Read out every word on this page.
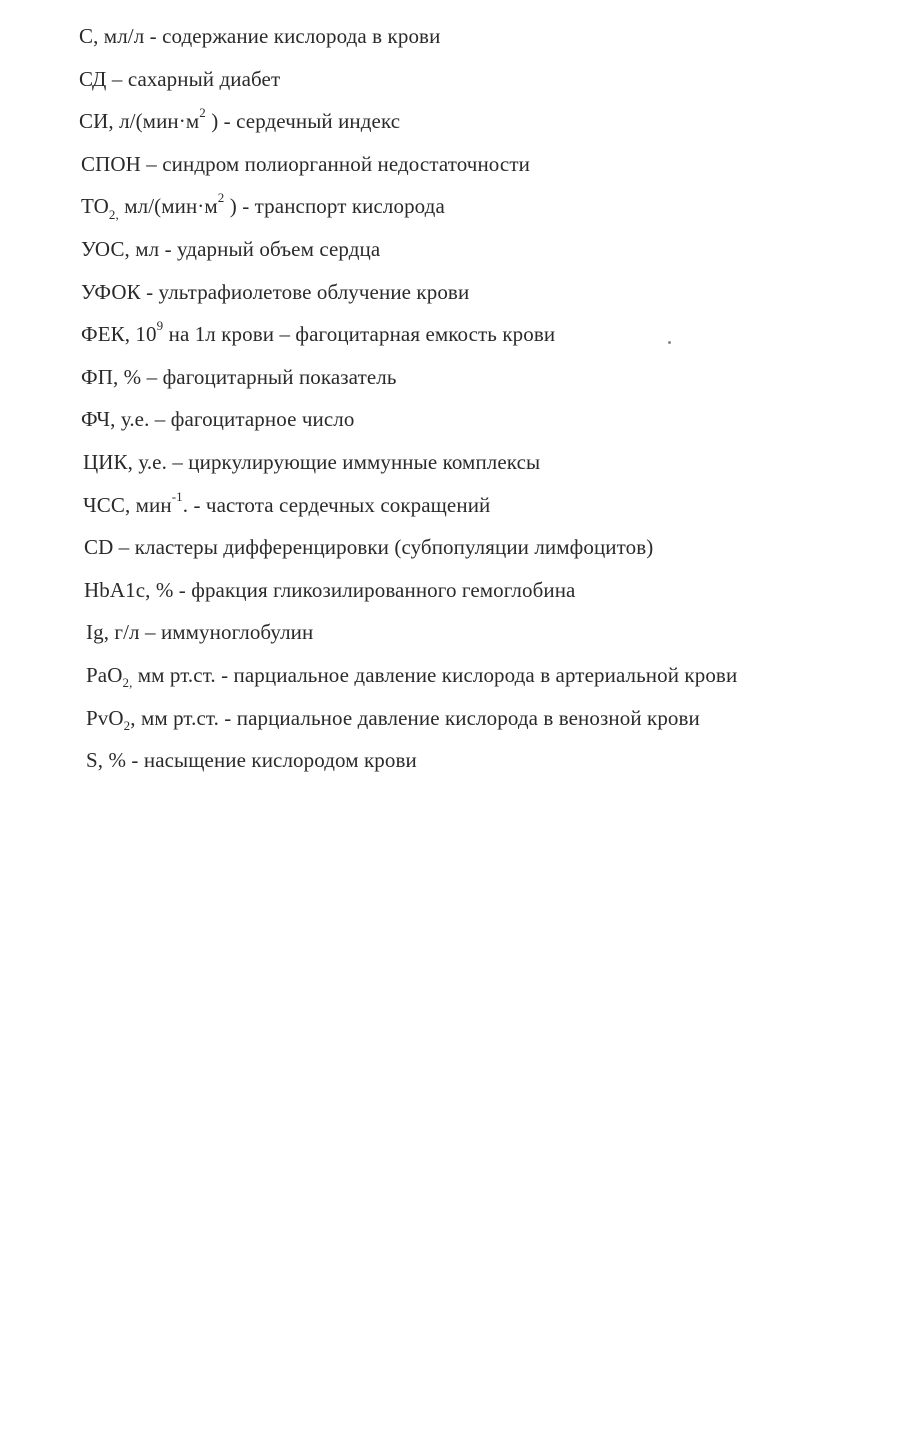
С, мл/л - содержание кислорода в крови
СД – сахарный диабет
СИ, $л/(мин\cdot м^2$ ) - сердечный индекс
СПОН – синдром полиорганной недостаточности
$ТО_{2,}$ $мл/(мин\cdot м^2$ ) - транспорт кислорода
УОС, мл - ударный объем сердца
УФОК - ультрафиолетове облучение крови
ФЕК, $10^9$ на 1л крови – фагоцитарная емкость крови
ФП, % – фагоцитарный показатель
ФЧ, у.е. – фагоцитарное число
ЦИК, у.е. – циркулирующие иммунные комплексы
ЧСС, мин$^{-1}$. - частота сердечных сокращений
CD – кластеры дифференцировки (субпопуляции лимфоцитов)
HbA1c, % - фракция гликозилированного гемоглобина
Ig, г/л – иммуноглобулин
PaO$_{2,}$ мм рт.ст. - парциальное давление кислорода в артериальной крови
PvO$_2$, мм рт.ст. - парциальное давление кислорода в венозной крови
S, % - насыщение кислородом крови
